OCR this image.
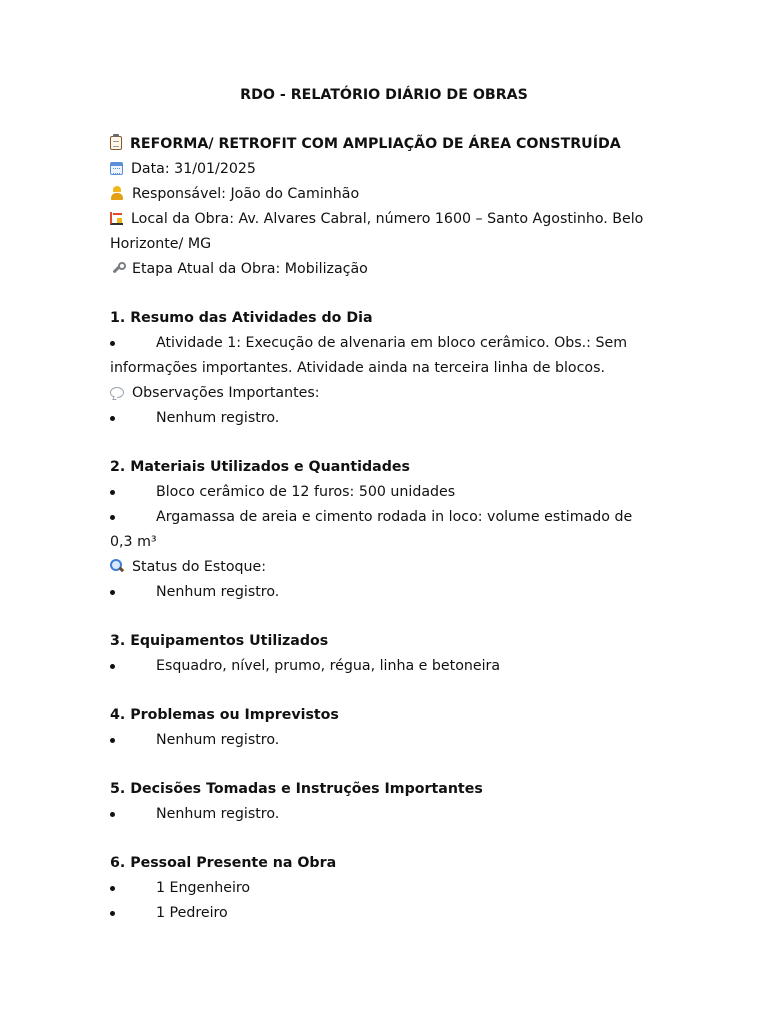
RDO - RELATÓRIO DIÁRIO DE OBRAS

REFORMA/ RETROFIT COM AMPLIAÇÃO DE ÁREA CONSTRUÍDA

Data: 31/01/2025

Responsável: João do Caminhão

Local da Obra: Av. Alvares Cabral, número 1600 – Santo Agostinho. Belo Horizonte/ MG

Etapa Atual da Obra: Mobilização

1. Resumo das Atividades do Dia

Atividade 1: Execução de alvenaria em bloco cerâmico. Obs.: Sem informações importantes. Atividade ainda na terceira linha de blocos.

Observações Importantes:

Nenhum registro.

2. Materiais Utilizados e Quantidades

Bloco cerâmico de 12 furos: 500 unidades

Argamassa de areia e cimento rodada in loco: volume estimado de 0,3 m³

Status do Estoque:

Nenhum registro.

3. Equipamentos Utilizados

Esquadro, nível, prumo, régua, linha e betoneira

4. Problemas ou Imprevistos

Nenhum registro.

5. Decisões Tomadas e Instruções Importantes

Nenhum registro.

6. Pessoal Presente na Obra

1 Engenheiro

1 Pedreiro
